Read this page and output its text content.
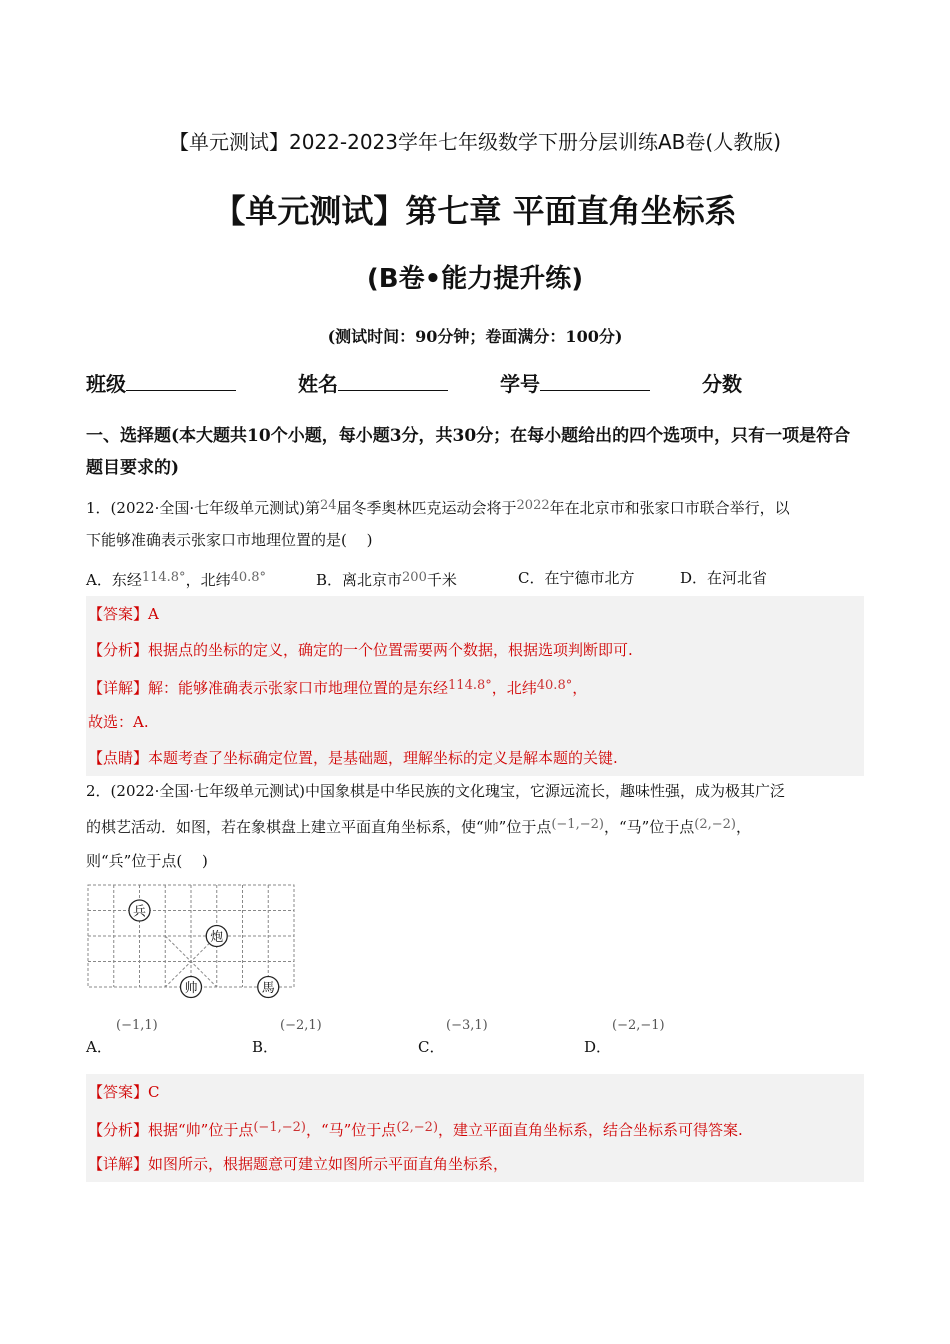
【单元测试】2022-2023学年七年级数学下册分层训练AB卷(人教版)
【单元测试】第七章 平面直角坐标系
(B卷•能力提升练)
(测试时间：90分钟；卷面满分：100分)
班级	姓名	学号	分数
一、选择题(本大题共10个小题，每小题3分，共30分；在每小题给出的四个选项中，只有一项是符合题目要求的)
1．(2022·全国·七年级单元测试)第24届冬季奥林匹克运动会将于2022年在北京市和张家口市联合举行，以
下能够准确表示张家口市地理位置的是(　 )
A．东经114.8°，北纬40.8°	B．离北京市200千米	C．在宁德市北方	D．在河北省
【答案】A
【分析】根据点的坐标的定义，确定的一个位置需要两个数据，根据选项判断即可.
【详解】解：能够准确表示张家口市地理位置的是东经114.8°，北纬40.8°，
故选：A.
【点睛】本题考查了坐标确定位置，是基础题，理解坐标的定义是解本题的关键.
2．(2022·全国·七年级单元测试)中国象棋是中华民族的文化瑰宝，它源远流长，趣味性强，成为极其广泛
的棋艺活动．如图，若在象棋盘上建立平面直角坐标系，使“帅”位于点(−1,−2)，“马”位于点(2,−2)，
则“兵”位于点(　 )
兵
炮
帅	馬
(−1,1)
A．
(−2,1)
B．
(−3,1)
C．
(−2,−1)
D．
【答案】C
【分析】根据“帅”位于点(−1,−2)，“马”位于点(2,−2)，建立平面直角坐标系，结合坐标系可得答案.
【详解】如图所示，根据题意可建立如图所示平面直角坐标系，
